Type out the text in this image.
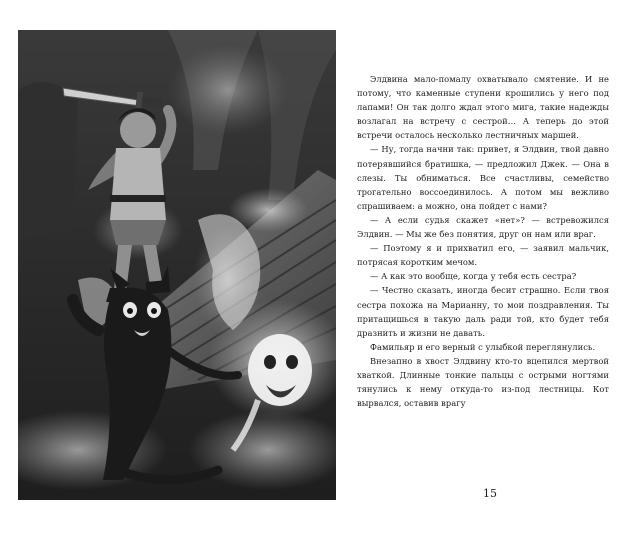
Элдвина мало-помалу охватывало смятение. И не потому, что каменные ступени крошились у него под лапами! Он так долго ждал этого мига, такие надежды возлагал на встречу с сестрой… А теперь до этой встречи осталось несколько лестничных маршей.

— Ну, тогда начни так: привет, я Элдвин, твой давно потерявшийся братишка, — предложил Джек. — Она в слезы. Ты обниматься. Все счастливы, семейство трогательно воссоединилось. А потом мы вежливо спрашиваем: а можно, она пойдет с нами?

— А если судья скажет «нет»? — встревожился Элдвин. — Мы же без понятия, друг он нам или враг.

— Поэтому я и прихватил его, — заявил мальчик, потрясая коротким мечом.

— А как это вообще, когда у тебя есть сестра?

— Честно сказать, иногда бесит страшно. Если твоя сестра похожа на Марианну, то мои поздравления. Ты притащишься в такую даль ради той, кто будет тебя дразнить и жизни не давать.

Фамильяр и его верный с улыбкой переглянулись.

Внезапно в хвост Элдвину кто-то вцепился мертвой хваткой. Длинные тонкие пальцы с острыми ногтями тянулись к нему откуда-то из-под лестницы. Кот вырвался, оставив врагу

15
